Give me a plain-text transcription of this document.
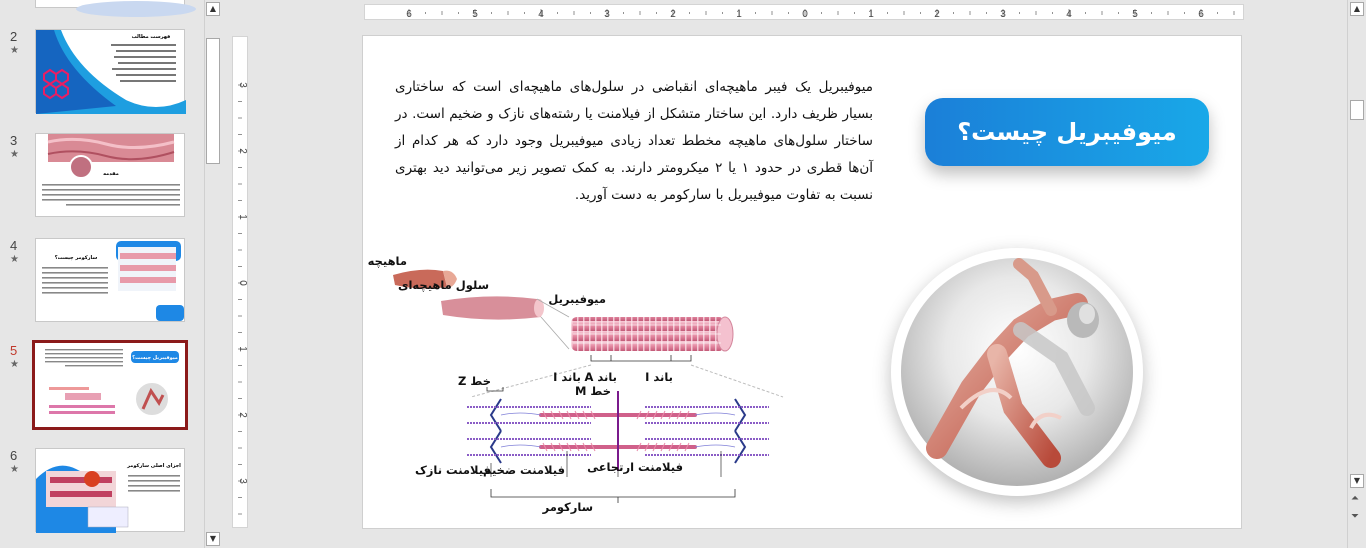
2
★
فهرست مطالب
3
★
مقدمه
4
★	سارکومر چیست؟
5
★
میوفیبریل چیست؟
6
★	اجزای اصلی سارکومر
▲
▼
6	5	4	3	2	1	0	1	2	3	4	5	6
3
2
1
0
1
2
3
میوفیبریل یک فیبر ماهیچه‌ای انقباضی در سلول‌های ماهیچه‌ای است که ساختاری بسیار ظریف دارد. این ساختار متشکل از فیلامنت یا رشته‌های نازک و ضخیم است. در ساختار سلول‌های ماهیچه مخطط تعداد زیادی میوفیبریل وجود دارد که هر کدام از آن‌ها قطری در حدود ۱ یا ۲ میکرومتر دارند. به کمک تصویر زیر می‌توانید دید بهتری نسبت به تفاوت میوفیبریل با سارکومر به دست آورید.
میوفیبریل چیست؟
ماهیچه
سلول ماهیچه‌ای
میوفیبریل
باند I
باند A
باند I
خط M
خط Z
فیلامنت نازک
فیلامنت ضخیم فیلامنت ارتجاعی
سارکومر
▲
▼
⏶
⏷
